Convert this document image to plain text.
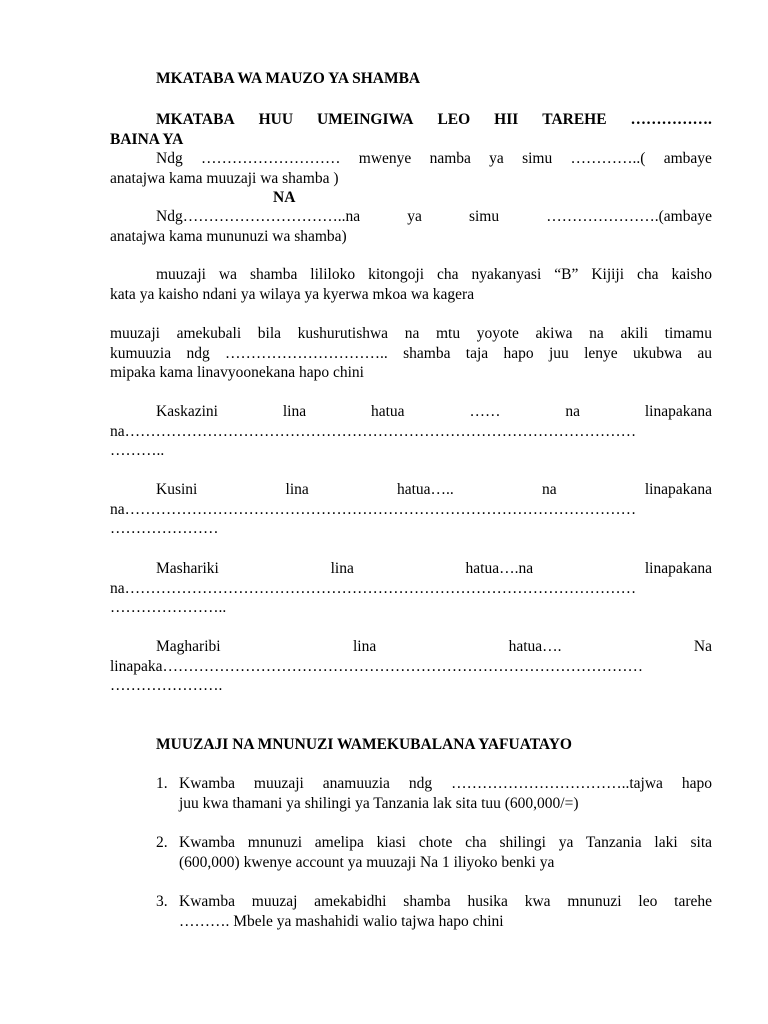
MKATABA WA MAUZO YA SHAMBA
MKATABA HUU UMEINGIWA LEO HII TAREHE …………….
BAINA YA
Ndg ……………………… mwenye namba ya simu …………..( ambaye
anatajwa kama muuzaji wa shamba )
NA
Ndg…………………………..na	ya	simu	………………….(ambaye
anatajwa kama mununuzi wa shamba)
muuzaji wa shamba lililoko kitongoji cha nyakanyasi “B” Kijiji cha kaisho
kata ya kaisho ndani ya wilaya ya kyerwa mkoa wa kagera
muuzaji amekubali bila kushurutishwa na mtu yoyote akiwa na akili timamu
kumuuzia ndg ………………………….. shamba taja hapo juu lenye ukubwa au
mipaka kama linavyoonekana hapo chini
Kaskazini	lina	hatua	……	na	linapakana
na………………………………………………………………………………………
………..
Kusini	lina	hatua…..	na	linapakana
na………………………………………………………………………………………
…………………
Mashariki	lina	hatua….na	linapakana
na………………………………………………………………………………………
…………………..
Magharibi	lina	hatua….	Na
linapaka…………………………………………………………………………………
………………….
MUUZAJI NA MNUNUZI WAMEKUBALANA YAFUATAYO
1. Kwamba muuzaji anamuuzia ndg ……………………………..tajwa hapo
juu kwa thamani ya shilingi ya Tanzania lak sita tuu (600,000/=)
2. Kwamba mnunuzi amelipa kiasi chote cha shilingi ya Tanzania laki sita
(600,000) kwenye account ya muuzaji Na 1 iliyoko benki ya
3. Kwamba muuzaj amekabidhi shamba husika kwa mnunuzi leo tarehe
………. Mbele ya mashahidi walio tajwa hapo chini
